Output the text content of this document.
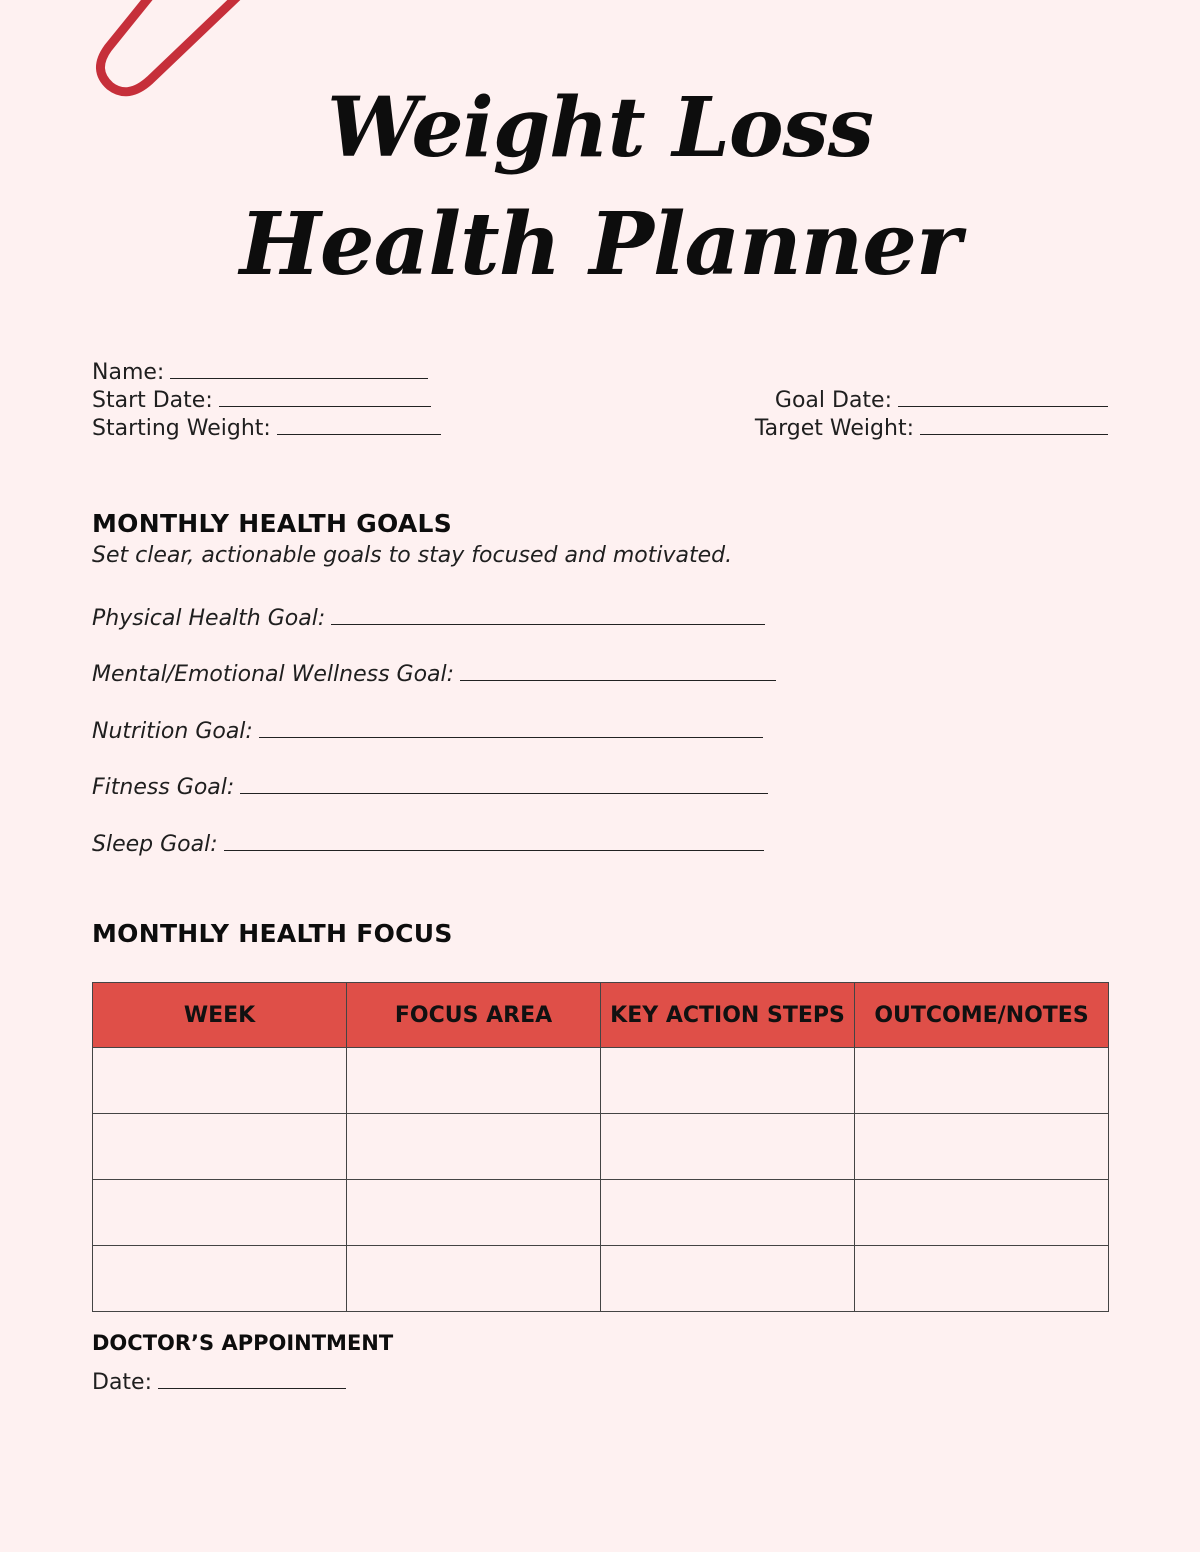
Weight Loss
Health Planner
Name:
Start Date:
Starting Weight:
Goal Date:
Target Weight:
MONTHLY HEALTH GOALS
Set clear, actionable goals to stay focused and motivated.
Physical Health Goal:
Mental/Emotional Wellness Goal:
Nutrition Goal:
Fitness Goal:
Sleep Goal:
MONTHLY HEALTH FOCUS
WEEK	FOCUS AREA	KEY ACTION STEPS	OUTCOME/NOTES

DOCTOR’S APPOINTMENT
Date:
